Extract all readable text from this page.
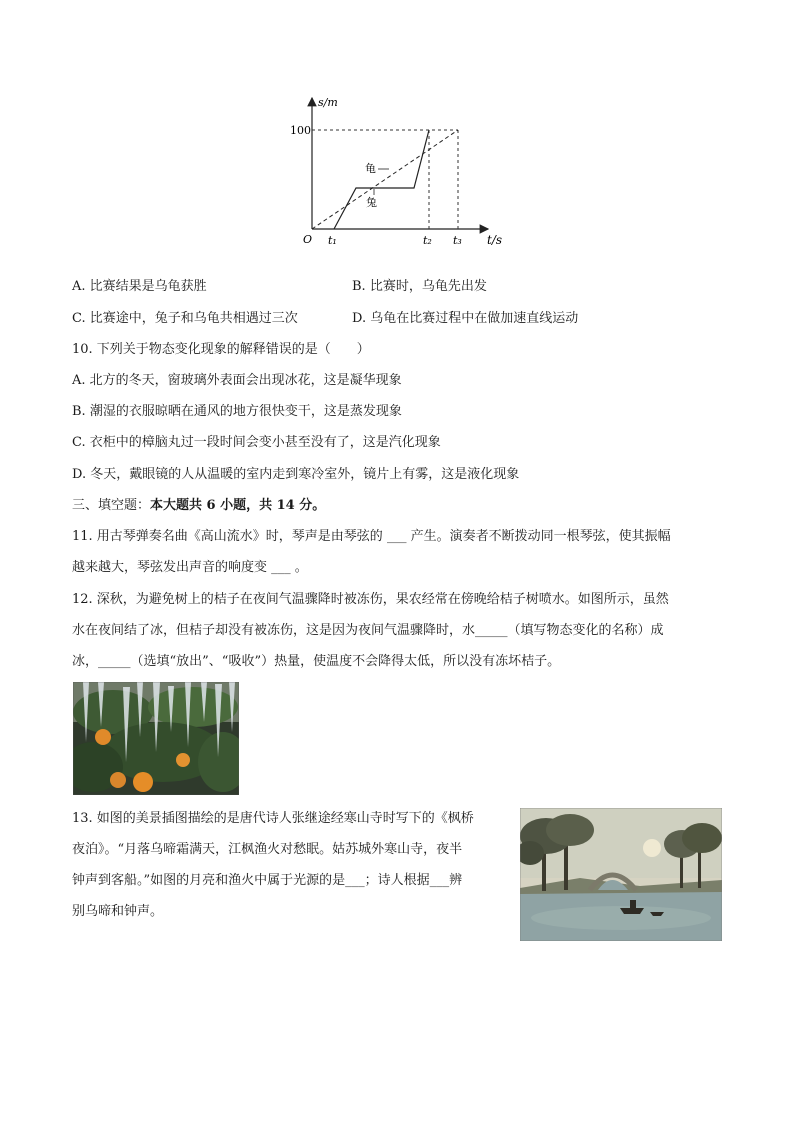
s/m
100
O t₁	t₂ t₃ t/s
龟
兔
A. 比赛结果是乌龟获胜	B. 比赛时，乌龟先出发
C. 比赛途中，兔子和乌龟共相遇过三次	D. 乌龟在比赛过程中在做加速直线运动
10. 下列关于物态变化现象的解释错误的是（　　）
A. 北方的冬天，窗玻璃外表面会出现冰花，这是凝华现象
B. 潮湿的衣服晾晒在通风的地方很快变干，这是蒸发现象
C. 衣柜中的樟脑丸过一段时间会变小甚至没有了，这是汽化现象
D. 冬天，戴眼镜的人从温暖的室内走到寒冷室外，镜片上有雾，这是液化现象
三、填空题：本大题共 6 小题，共 14 分。
11. 用古琴弹奏名曲《高山流水》时，琴声是由琴弦的 ___ 产生。演奏者不断拨动同一根琴弦，使其振幅
越来越大，琴弦发出声音的响度变 ___ 。
12. 深秋，为避免树上的桔子在夜间气温骤降时被冻伤，果农经常在傍晚给桔子树喷水。如图所示，虽然
水在夜间结了冰，但桔子却没有被冻伤，这是因为夜间气温骤降时，水_____（填写物态变化的名称）成
冰，_____（选填“放出”、“吸收”）热量，使温度不会降得太低，所以没有冻坏桔子。
13. 如图的美景插图描绘的是唐代诗人张继途经寒山寺时写下的《枫桥
夜泊》。“月落乌啼霜满天，江枫渔火对愁眠。姑苏城外寒山寺，夜半
钟声到客船。”如图的月亮和渔火中属于光源的是___；诗人根据___辨
别乌啼和钟声。
